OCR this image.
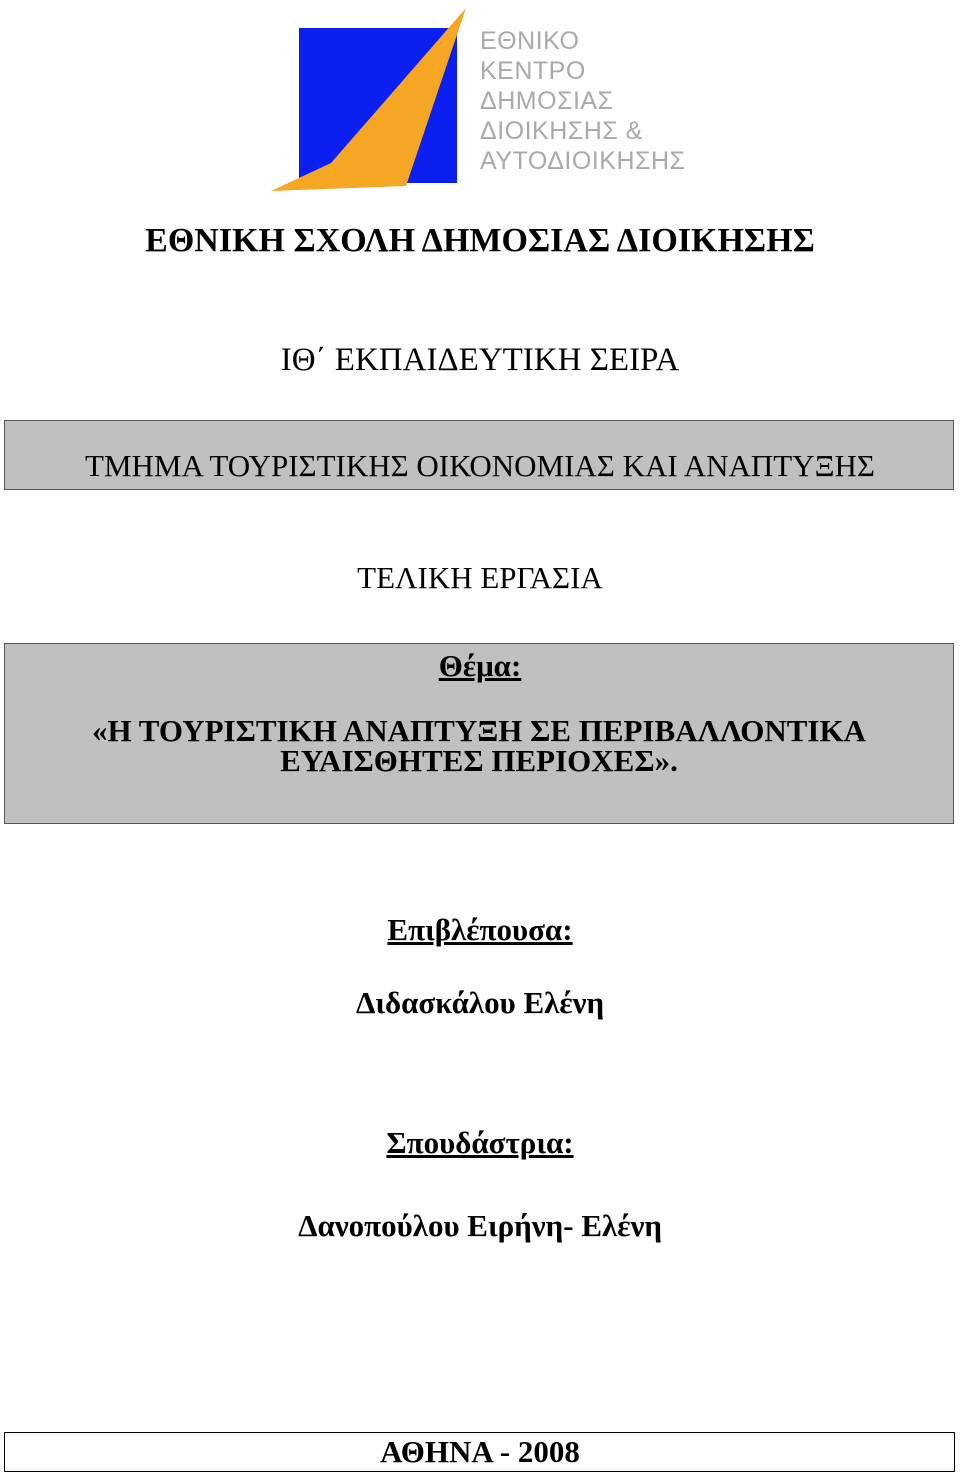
ΕΘΝΙΚΟ
ΚΕΝΤΡΟ
ΔΗΜΟΣΙΑΣ
ΔΙΟΙΚΗΣΗΣ &
ΑΥΤΟΔΙΟΙΚΗΣΗΣ
ΕΘΝΙΚΗ ΣΧΟΛΗ ΔΗΜΟΣΙΑΣ ΔΙΟΙΚΗΣΗΣ
ΙΘ΄ ΕΚΠΑΙΔΕΥΤΙΚΗ ΣΕΙΡΑ
ΤΜΗΜΑ ΤΟΥΡΙΣΤΙΚΗΣ ΟΙΚΟΝΟΜΙΑΣ ΚΑΙ ΑΝΑΠΤΥΞΗΣ
ΤΕΛΙΚΗ ΕΡΓΑΣΙΑ
Θέμα:
«Η ΤΟΥΡΙΣΤΙΚΗ ΑΝΑΠΤΥΞΗ ΣΕ ΠΕΡΙΒΑΛΛΟΝΤΙΚΑ
ΕΥΑΙΣΘΗΤΕΣ ΠΕΡΙΟΧΕΣ».
Επιβλέπουσα:
Διδασκάλου Ελένη
Σπουδάστρια:
Δανοπούλου Ειρήνη- Ελένη
ΑΘΗΝΑ - 2008
